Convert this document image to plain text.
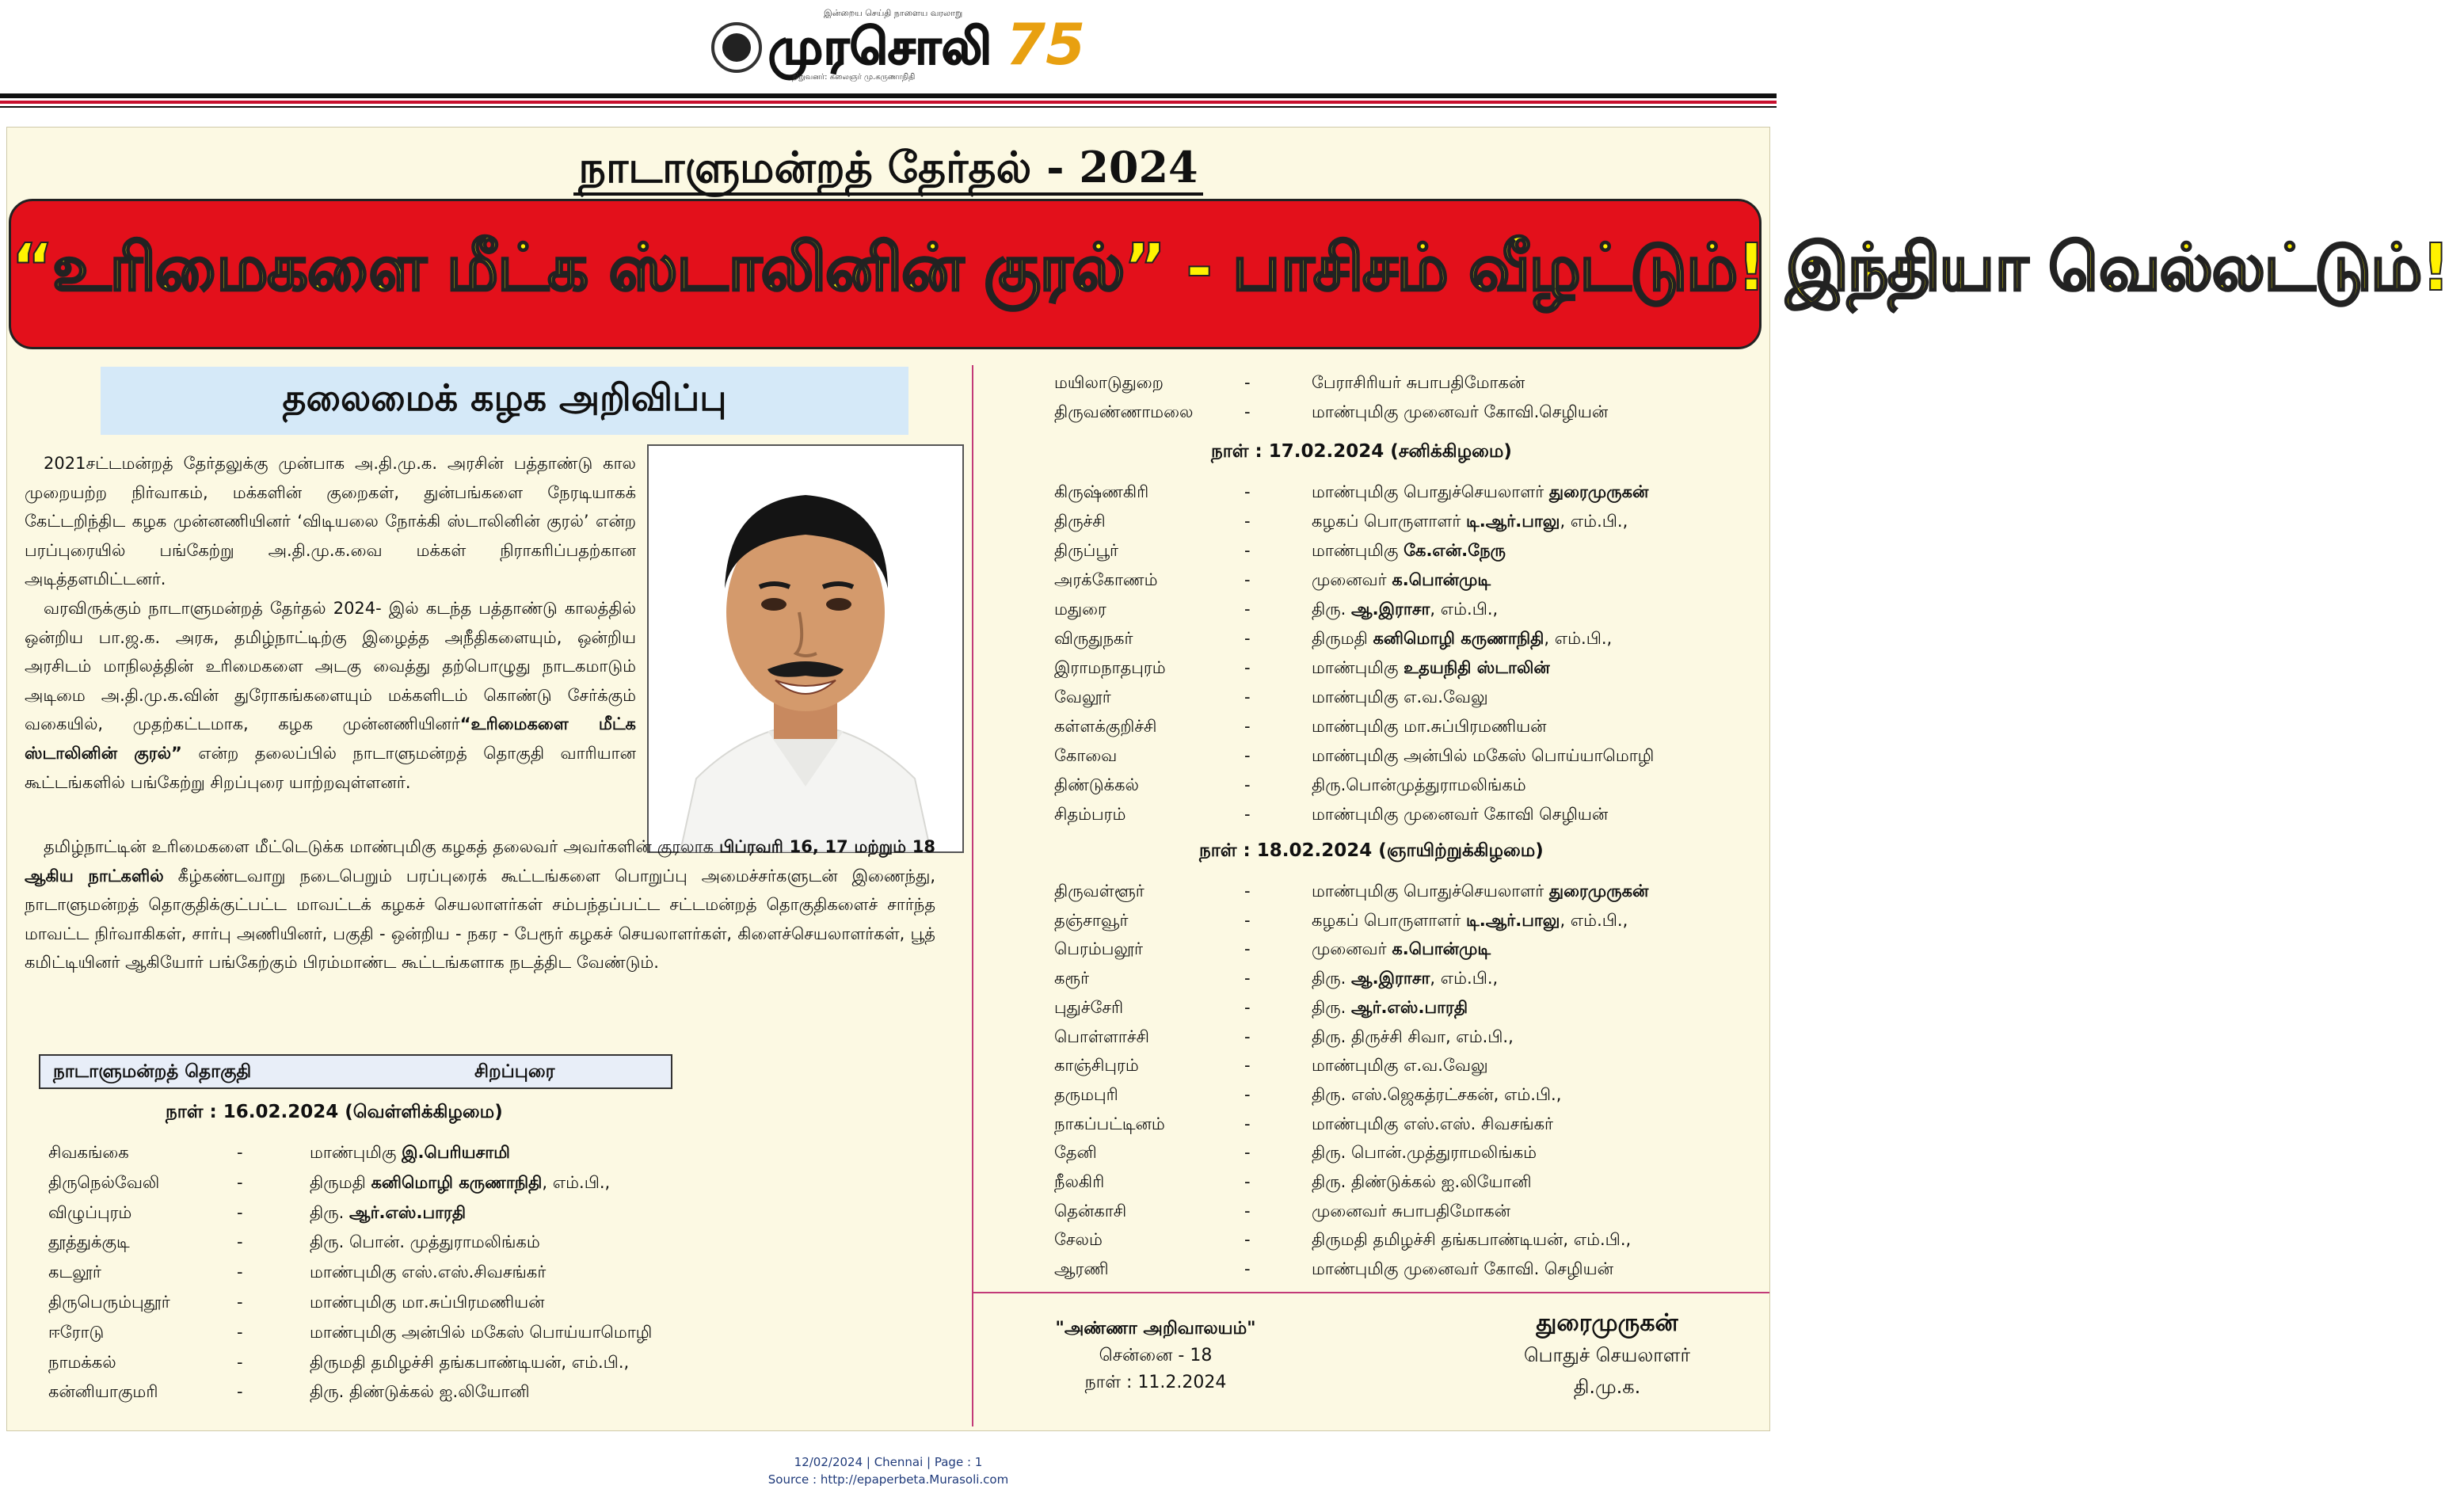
இன்றைய செய்தி நாளைய வரலாறு
முரசொலி
நிறுவனர்: கலைஞர் மு.கருணாநிதி 75
நாடாளுமன்றத் தேர்தல் - 2024
“உரிமைகளை மீட்க ஸ்டாலினின் குரல்” - பாசிசம் வீழட்டும்! இந்தியா வெல்லட்டும்!
தலைமைக் கழக அறிவிப்பு
2021சட்டமன்றத் தேர்தலுக்கு முன்பாக அ.தி.மு.க. அரசின் பத்தாண்டு கால முறையற்ற நிர்வாகம், மக்களின் குறைகள், துன்பங்களை நேரடியாகக் கேட்டறிந்திட கழக முன்னணியினர் ‘விடியலை நோக்கி ஸ்டாலினின் குரல்’ என்ற பரப்புரையில் பங்கேற்று அ.தி.மு.க.வை மக்கள் நிராகரிப்பதற்கான அடித்தளமிட்டனர்.
வரவிருக்கும் நாடாளுமன்றத் தேர்தல் 2024- இல் கடந்த பத்தாண்டு காலத்தில் ஒன்றிய பா.ஜ.க. அரசு, தமிழ்நாட்டிற்கு இழைத்த அநீதிகளையும், ஒன்றிய அரசிடம் மாநிலத்தின் உரிமைகளை அடகு வைத்து தற்பொழுது நாடகமாடும் அடிமை அ.தி.மு.க.வின் துரோகங்களையும் மக்களிடம் கொண்டு சேர்க்கும் வகையில், முதற்கட்டமாக, கழக முன்னணியினர்“உரிமைகளை மீட்க ஸ்டாலினின் குரல்” என்ற தலைப்பில் நாடாளுமன்றத் தொகுதி வாரியான கூட்டங்களில் பங்கேற்று சிறப்புரை யாற்றவுள்ளனர்.
தமிழ்நாட்டின் உரிமைகளை மீட்டெடுக்க மாண்புமிகு கழகத் தலைவர் அவர்களின் குரலாக பிப்ரவரி 16, 17 மற்றும் 18 ஆகிய நாட்களில் கீழ்கண்டவாறு நடைபெறும் பரப்புரைக் கூட்டங்களை பொறுப்பு அமைச்சர்களுடன் இணைந்து, நாடாளுமன்றத் தொகுதிக்குட்பட்ட மாவட்டக் கழகச் செயலாளர்கள் சம்பந்தப்பட்ட சட்டமன்றத் தொகுதிகளைச் சார்ந்த மாவட்ட நிர்வாகிகள், சார்பு அணியினர், பகுதி - ஒன்றிய - நகர - பேரூர் கழகச் செயலாளர்கள், கிளைச்செயலாளர்கள், பூத் கமிட்டியினர் ஆகியோர் பங்கேற்கும் பிரம்மாண்ட கூட்டங்களாக நடத்திட வேண்டும்.
நாடாளுமன்றத் தொகுதி	சிறப்புரை
நாள் : 16.02.2024 (வெள்ளிக்கிழமை)
சிவகங்கை	-	மாண்புமிகு இ.பெரியசாமி
திருநெல்வேலி	-	திருமதி கனிமொழி கருணாநிதி, எம்.பி.,
விழுப்புரம்	-	திரு. ஆர்.எஸ்.பாரதி
தூத்துக்குடி	-	திரு. பொன். முத்துராமலிங்கம்
கடலூர்	-	மாண்புமிகு எஸ்.எஸ்.சிவசங்கர்
திருபெரும்புதூர்	-	மாண்புமிகு மா.சுப்பிரமணியன்
ஈரோடு	-	மாண்புமிகு அன்பில் மகேஸ் பொய்யாமொழி
நாமக்கல்	-	திருமதி தமிழச்சி தங்கபாண்டியன், எம்.பி.,
கன்னியாகுமரி	-	திரு. திண்டுக்கல் ஐ.லியோனி
மயிலாடுதுறை	-	பேராசிரியர் சுபாபதிமோகன்
திருவண்ணாமலை	-	மாண்புமிகு முனைவர் கோவி.செழியன்
நாள் : 17.02.2024 (சனிக்கிழமை)
கிருஷ்ணகிரி	-	மாண்புமிகு பொதுச்செயலாளர் துரைமுருகன்
திருச்சி	-	கழகப் பொருளாளர் டி.ஆர்.பாலு, எம்.பி.,
திருப்பூர்	-	மாண்புமிகு கே.என்.நேரு
அரக்கோணம்	-	முனைவர் க.பொன்முடி
மதுரை	-	திரு. ஆ.இராசா, எம்.பி.,
விருதுநகர்	-	திருமதி கனிமொழி கருணாநிதி, எம்.பி.,
இராமநாதபுரம்	-	மாண்புமிகு உதயநிதி ஸ்டாலின்
வேலூர்	-	மாண்புமிகு எ.வ.வேலு
கள்ளக்குறிச்சி	-	மாண்புமிகு மா.சுப்பிரமணியன்
கோவை	-	மாண்புமிகு அன்பில் மகேஸ் பொய்யாமொழி
திண்டுக்கல்	-	திரு.பொன்முத்துராமலிங்கம்
சிதம்பரம்	-	மாண்புமிகு முனைவர் கோவி செழியன்
நாள் : 18.02.2024 (ஞாயிற்றுக்கிழமை)
திருவள்ளூர்	-	மாண்புமிகு பொதுச்செயலாளர் துரைமுருகன்
தஞ்சாவூர்	-	கழகப் பொருளாளர் டி.ஆர்.பாலு, எம்.பி.,
பெரம்பலூர்	-	முனைவர் க.பொன்முடி
கரூர்	-	திரு. ஆ.இராசா, எம்.பி.,
புதுச்சேரி	-	திரு. ஆர்.எஸ்.பாரதி
பொள்ளாச்சி	-	திரு. திருச்சி சிவா, எம்.பி.,
காஞ்சிபுரம்	-	மாண்புமிகு எ.வ.வேலு
தருமபுரி	-	திரு. எஸ்.ஜெகத்ரட்சகன், எம்.பி.,
நாகப்பட்டினம்	-	மாண்புமிகு எஸ்.எஸ். சிவசங்கர்
தேனி	-	திரு. பொன்.முத்துராமலிங்கம்
நீலகிரி	-	திரு. திண்டுக்கல் ஐ.லியோனி
தென்காசி	-	முனைவர் சுபாபதிமோகன்
சேலம்	-	திருமதி தமிழச்சி தங்கபாண்டியன், எம்.பி.,
ஆரணி	-	மாண்புமிகு முனைவர் கோவி. செழியன்
"அண்ணா அறிவாலயம்"
சென்னை - 18
நாள் : 11.2.2024
துரைமுருகன்
பொதுச் செயலாளர்
தி.மு.க.
12/02/2024 | Chennai | Page : 1
Source : http://epaperbeta.Murasoli.com
